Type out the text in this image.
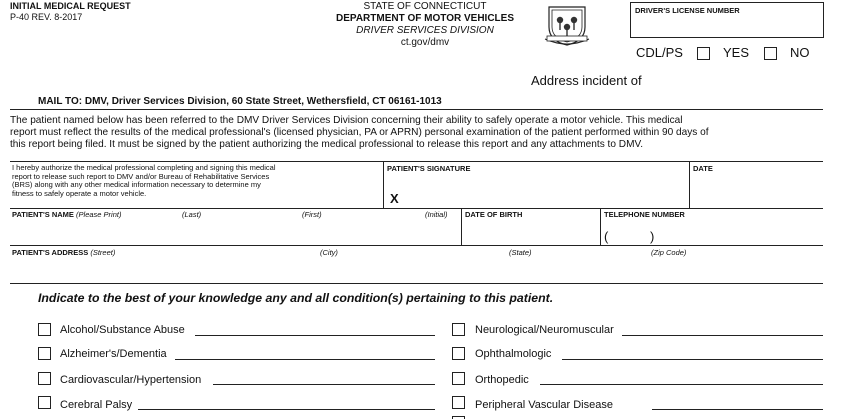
INITIAL MEDICAL REQUEST
P-40 REV. 8-2017
STATE OF CONNECTICUT
DEPARTMENT OF MOTOR VEHICLES
DRIVER SERVICES DIVISION
ct.gov/dmv
DRIVER'S LICENSE NUMBER
CDL/PS	YES	NO
Address incident of
MAIL TO: DMV, Driver Services Division, 60 State Street, Wethersfield, CT 06161-1013
The patient named below has been referred to the DMV Driver Services Division concerning their ability to safely operate a motor vehicle. This medical
report must reflect the results of the medical professional's (licensed physician, PA or APRN) personal examination of the patient performed within 90 days of
this report being filed. It must be signed by the patient authorizing the medical professional to release this report and any attachments to DMV.
I hereby authorize the medical professional completing and signing this medical
report to release such report to DMV and/or Bureau of Rehabilitative Services
(BRS) along with any other medical information necessary to determine my
fitness to safely operate a motor vehicle.
PATIENT'S SIGNATURE
X
DATE
PATIENT'S NAME (Please Print)	(Last)	(First)	(Initial) DATE OF BIRTH	TELEPHONE NUMBER
(	)
PATIENT'S ADDRESS (Street)	(City)	(State)	(Zip Code)
Indicate to the best of your knowledge any and all condition(s) pertaining to this patient.
Alcohol/Substance Abuse
Alzheimer's/Dementia
Cardiovascular/Hypertension
Cerebral Palsy
Neurological/Neuromuscular
Ophthalmologic
Orthopedic
Peripheral Vascular Disease
